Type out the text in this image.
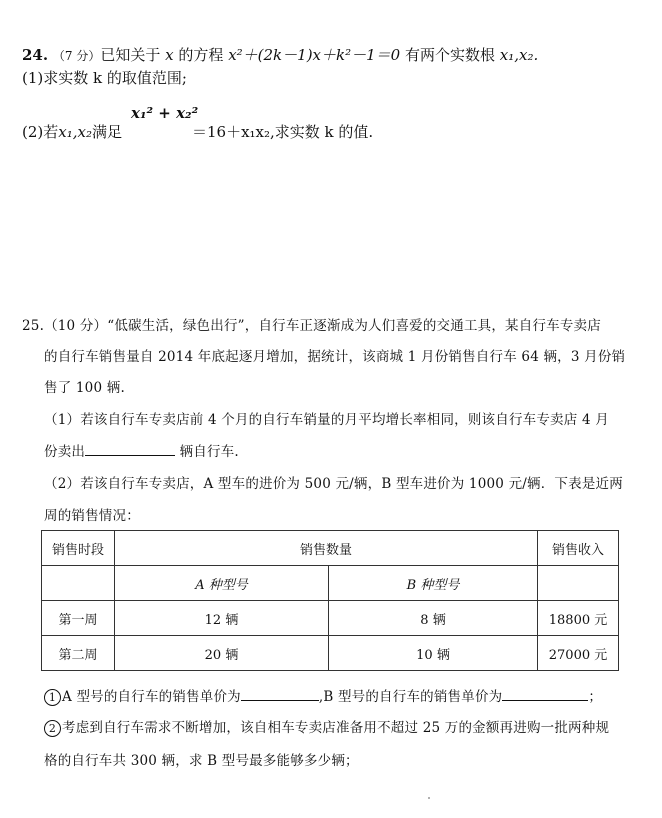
24. （7 分）已知关于 x 的方程 x²＋(2k－1)x＋k²－1＝0 有两个实数根 x₁,x₂.
(1)求实数 k 的取值范围;
x₁² + x₂²
(2)若x₁,x₂满足	＝16＋x₁x₂,求实数 k 的值.
25.（10 分）“低碳生活，绿色出行”，自行车正逐渐成为人们喜爱的交通工具，某自行车专卖店
的自行车销售量自 2014 年底起逐月增加，据统计，该商城 1 月份销售自行车 64 辆，3 月份销
售了 100 辆.
（1）若该自行车专卖店前 4 个月的自行车销量的月平均增长率相同，则该自行车专卖店 4 月
份卖出	辆自行车.
（2）若该自行车专卖店，A 型车的进价为 500 元/辆，B 型车进价为 1000 元/辆．下表是近两
周的销售情况：
销售时段	销售数量		销售收入
	A 种型号	B 种型号	
第一周	12 辆	8 辆	18800 元
第二周	20 辆	10 辆	27000 元
1 A 型号的自行车的销售单价为	,B 型号的自行车的销售单价为	；
2 考虑到自行车需求不断增加，该自相车专卖店准备用不超过 25 万的金额再进购一批两种规
格的自行车共 300 辆，求 B 型号最多能够多少辆；
